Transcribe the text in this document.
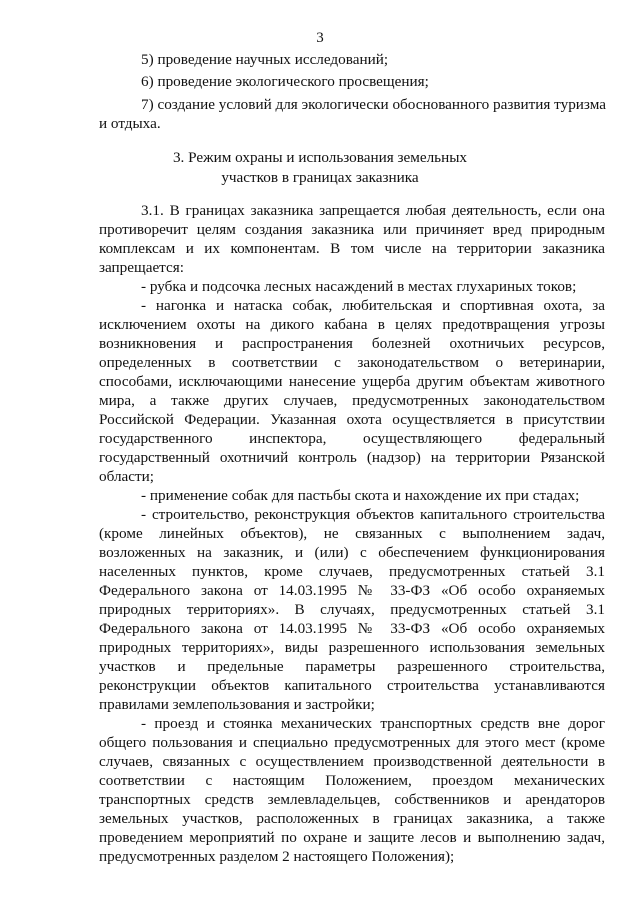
3
5) проведение научных исследований;
6) проведение экологического просвещения;
7) создание условий для экологически обоснованного развития туризма
и отдыха.
3. Режим охраны и использования земельных
участков в границах заказника
3.1. В границах заказника запрещается любая деятельность, если она
противоречит целям создания заказника или причиняет вред природным
комплексам и их компонентам. В том числе на территории заказника
запрещается:
- рубка и подсочка лесных насаждений в местах глухариных токов;
- нагонка и натаска собак, любительская и спортивная охота, за
исключением охоты на дикого кабана в целях предотвращения угрозы
возникновения и распространения болезней охотничьих ресурсов,
определенных в соответствии с законодательством о ветеринарии,
способами, исключающими нанесение ущерба другим объектам животного
мира, а также других случаев, предусмотренных законодательством
Российской Федерации. Указанная охота осуществляется в присутствии
государственного инспектора, осуществляющего федеральный
государственный охотничий контроль (надзор) на территории Рязанской
области;
- применение собак для пастьбы скота и нахождение их при стадах;
- строительство, реконструкция объектов капитального строительства
(кроме линейных объектов), не связанных с выполнением задач,
возложенных на заказник, и (или) с обеспечением функционирования
населенных пунктов, кроме случаев, предусмотренных статьей 3.1
Федерального закона от 14.03.1995 № 33-ФЗ «Об особо охраняемых
природных территориях». В случаях, предусмотренных статьей 3.1
Федерального закона от 14.03.1995 № 33-ФЗ «Об особо охраняемых
природных территориях», виды разрешенного использования земельных
участков и предельные параметры разрешенного строительства,
реконструкции объектов капитального строительства устанавливаются
правилами землепользования и застройки;
- проезд и стоянка механических транспортных средств вне дорог
общего пользования и специально предусмотренных для этого мест (кроме
случаев, связанных с осуществлением производственной деятельности в
соответствии с настоящим Положением, проездом механических
транспортных средств землевладельцев, собственников и арендаторов
земельных участков, расположенных в границах заказника, а также
проведением мероприятий по охране и защите лесов и выполнению задач,
предусмотренных разделом 2 настоящего Положения);
